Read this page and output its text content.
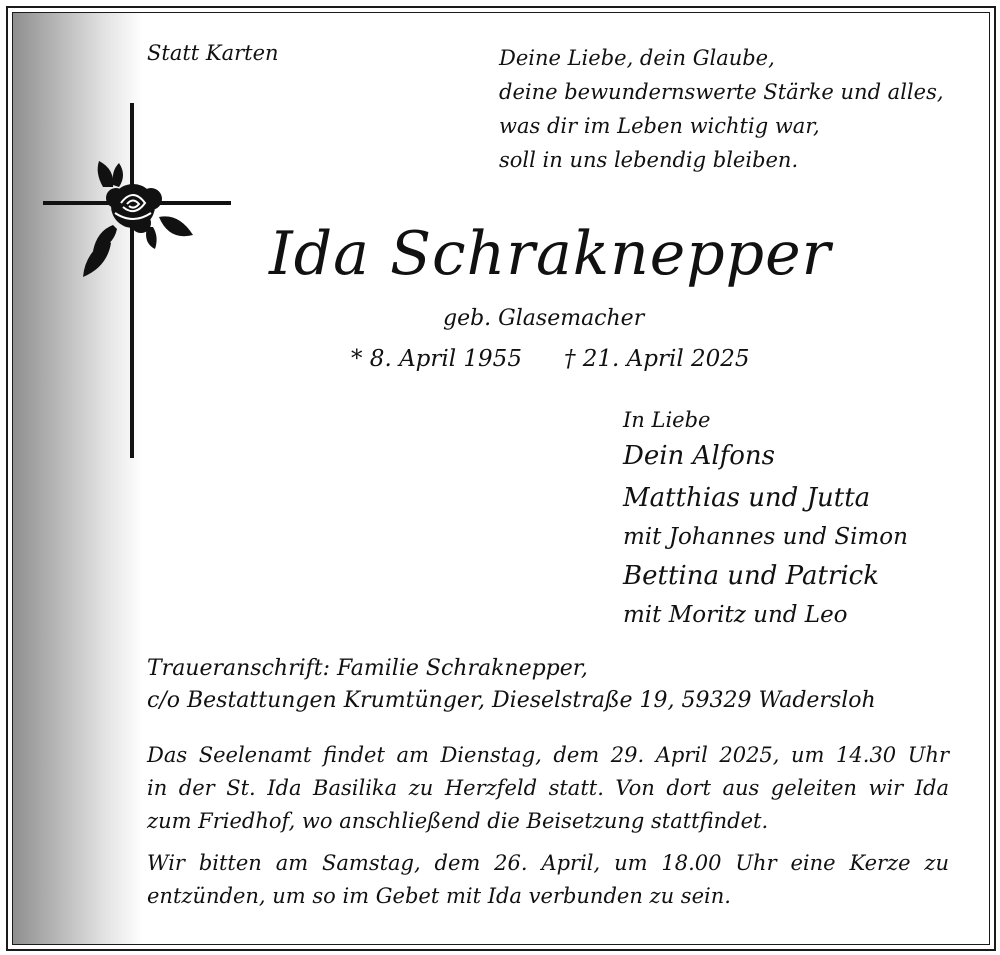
Statt Karten	Deine Liebe, dein Glaube,
deine bewundernswerte Stärke und alles,
was dir im Leben wichtig war,
soll in uns lebendig bleiben.

Ida Schraknepper

geb. Glasemacher

* 8. April 1955 † 21. April 2025

In Liebe
Dein Alfons
Matthias und Jutta
mit Johannes und Simon
Bettina und Patrick
mit Moritz und Leo
Traueranschrift: Familie Schraknepper,
c/o Bestattungen Krumtünger, Dieselstraße 19, 59329 Wadersloh
Das Seelenamt findet am Dienstag, dem 29. April 2025, um 14.30 Uhr
in der St. Ida Basilika zu Herzfeld statt. Von dort aus geleiten wir Ida
zum Friedhof, wo anschließend die Beisetzung stattfindet.
Wir bitten am Samstag, dem 26. April, um 18.00 Uhr eine Kerze zu
entzünden, um so im Gebet mit Ida verbunden zu sein.
